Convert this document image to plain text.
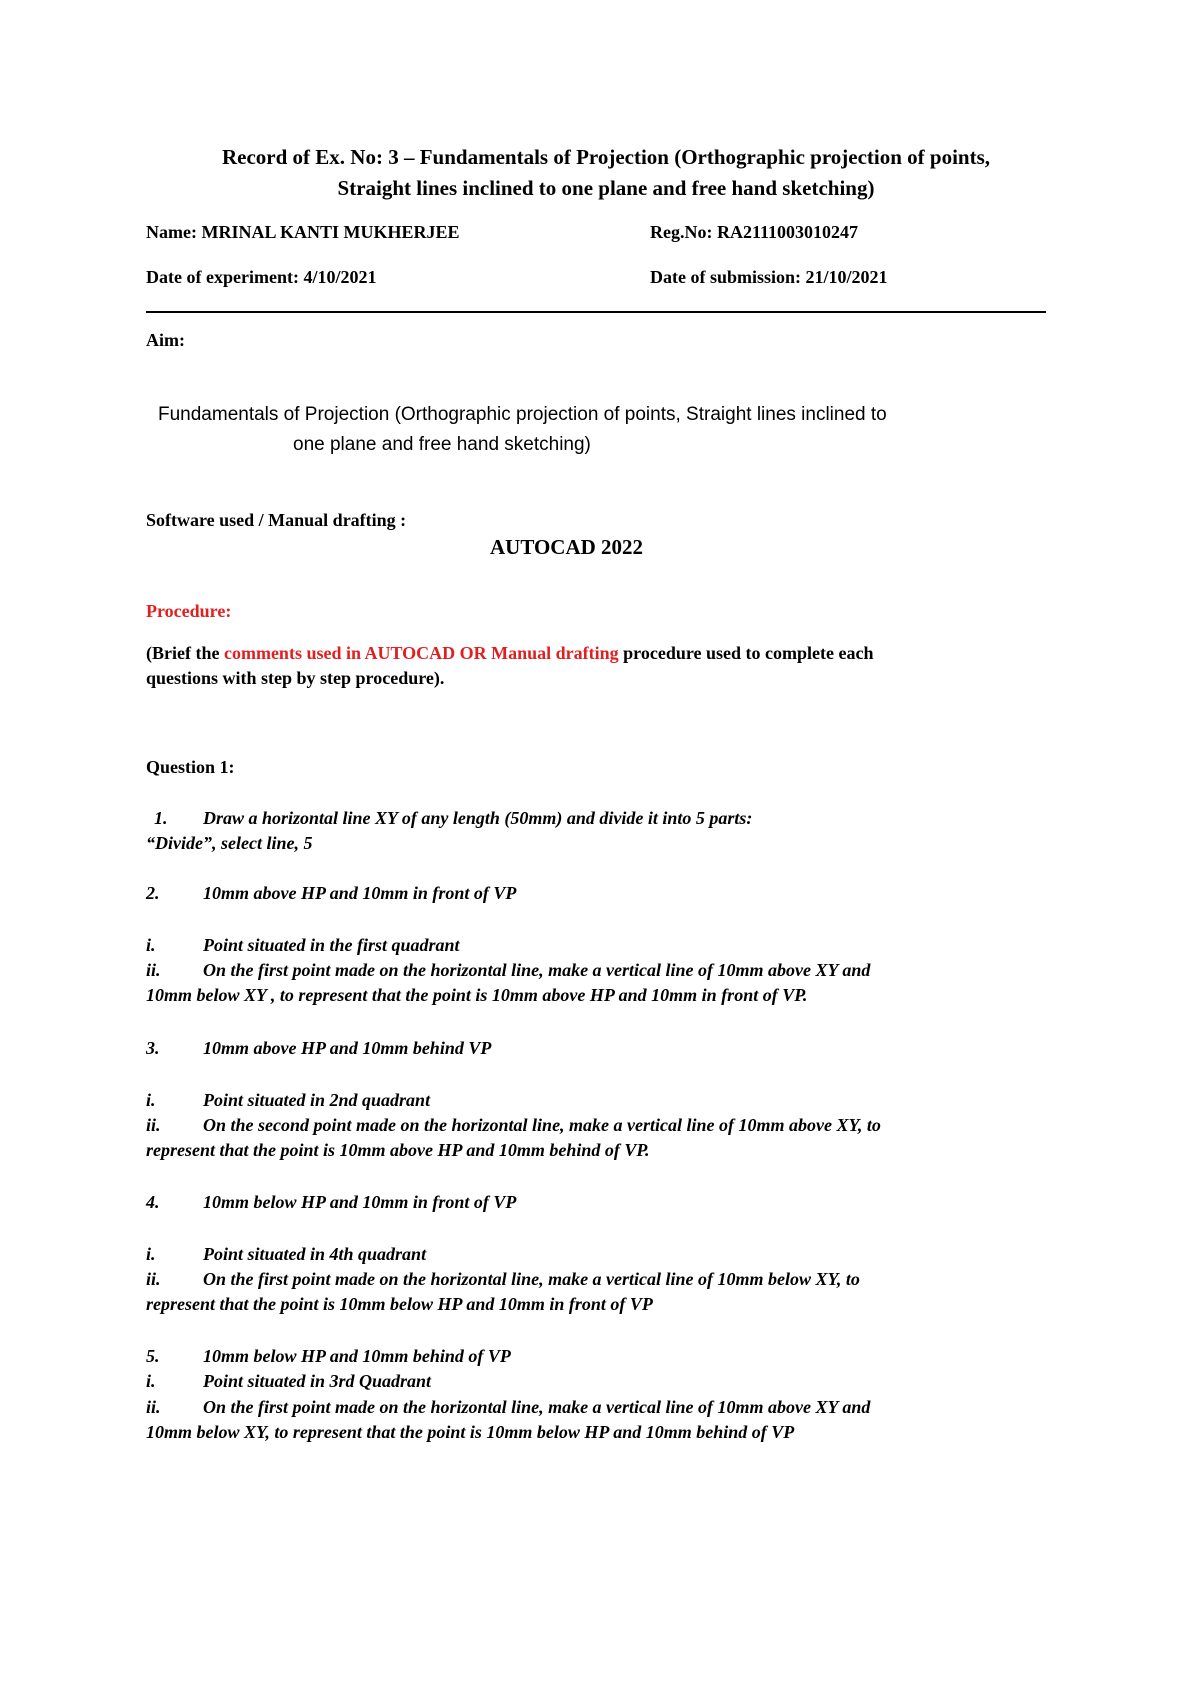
Record of Ex. No: 3 – Fundamentals of Projection (Orthographic projection of points,
Straight lines inclined to one plane and free hand sketching)
Name: MRINAL KANTI MUKHERJEE	Reg.No: RA2111003010247
Date of experiment: 4/10/2021	Date of submission: 21/10/2021
Aim:
Fundamentals of Projection (Orthographic projection of points, Straight lines inclined to
one plane and free hand sketching)
Software used / Manual drafting :
AUTOCAD 2022
Procedure:
(Brief the comments used in AUTOCAD OR Manual drafting procedure used to complete each
questions with step by step procedure).
Question 1:
1. Draw a horizontal line XY of any length (50mm) and divide it into 5 parts:
“Divide”, select line, 5
2. 10mm above HP and 10mm in front of VP
i.	Point situated in the first quadrant
ii. On the first point made on the horizontal line, make a vertical line of 10mm above XY and
10mm below XY , to represent that the point is 10mm above HP and 10mm in front of VP.
3. 10mm above HP and 10mm behind VP
i.	Point situated in 2nd quadrant
ii. On the second point made on the horizontal line, make a vertical line of 10mm above XY, to
represent that the point is 10mm above HP and 10mm behind of VP.
4. 10mm below HP and 10mm in front of VP
i.	Point situated in 4th quadrant
ii. On the first point made on the horizontal line, make a vertical line of 10mm below XY, to
represent that the point is 10mm below HP and 10mm in front of VP
5. 10mm below HP and 10mm behind of VP
i.	Point situated in 3rd Quadrant
ii. On the first point made on the horizontal line, make a vertical line of 10mm above XY and
10mm below XY, to represent that the point is 10mm below HP and 10mm behind of VP
